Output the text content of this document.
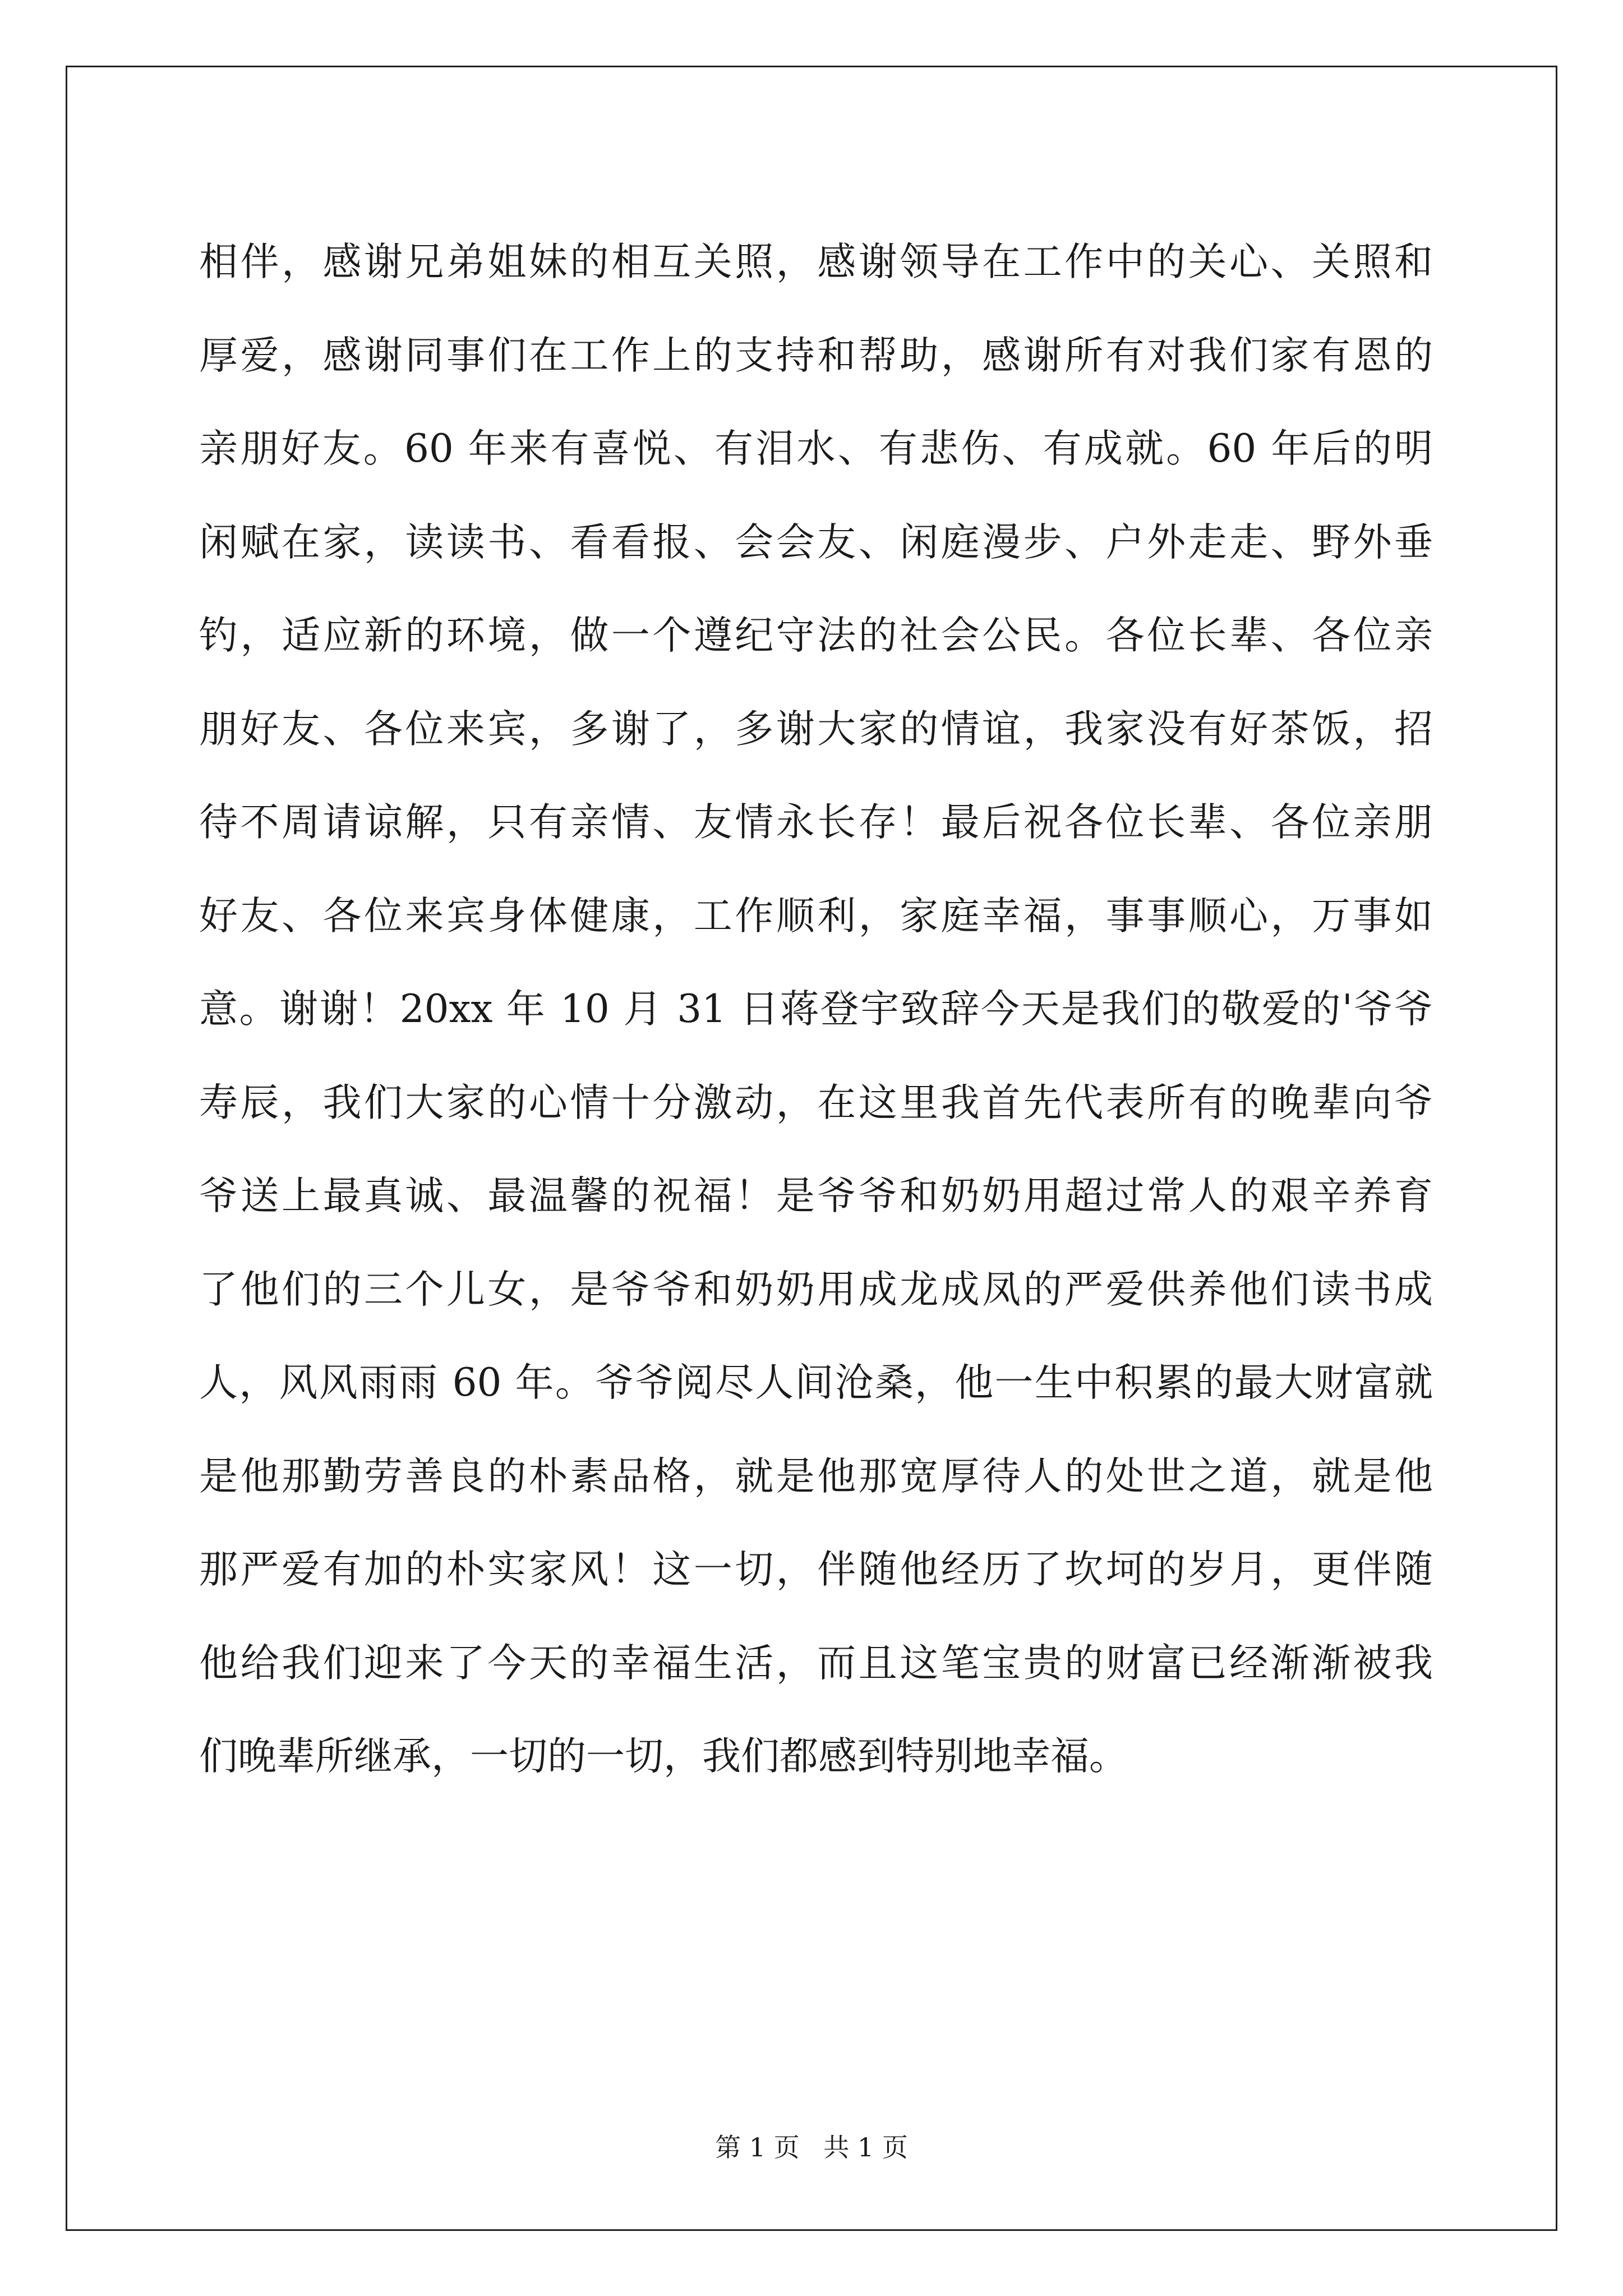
相伴，感谢兄弟姐妹的相互关照，感谢领导在工作中的关心、关照和
厚爱，感谢同事们在工作上的支持和帮助，感谢所有对我们家有恩的
亲朋好友。60 年来有喜悦、有泪水、有悲伤、有成就。60 年后的明
闲赋在家，读读书、看看报、会会友、闲庭漫步、户外走走、野外垂
钓，适应新的环境，做一个遵纪守法的社会公民。各位长辈、各位亲
朋好友、各位来宾，多谢了，多谢大家的情谊，我家没有好茶饭，招
待不周请谅解，只有亲情、友情永长存！最后祝各位长辈、各位亲朋
好友、各位来宾身体健康，工作顺利，家庭幸福，事事顺心，万事如
意。谢谢！20xx 年 10 月 31 日蒋登宇致辞今天是我们的敬爱的'爷爷
寿辰，我们大家的心情十分激动，在这里我首先代表所有的晚辈向爷
爷送上最真诚、最温馨的祝福！是爷爷和奶奶用超过常人的艰辛养育
了他们的三个儿女，是爷爷和奶奶用成龙成凤的严爱供养他们读书成
人，风风雨雨 60 年。爷爷阅尽人间沧桑，他一生中积累的最大财富就
是他那勤劳善良的朴素品格，就是他那宽厚待人的处世之道，就是他
那严爱有加的朴实家风！这一切，伴随他经历了坎坷的岁月，更伴随
他给我们迎来了今天的幸福生活，而且这笔宝贵的财富已经渐渐被我
们晚辈所继承，一切的一切，我们都感到特别地幸福。
第 1 页 共 1 页
